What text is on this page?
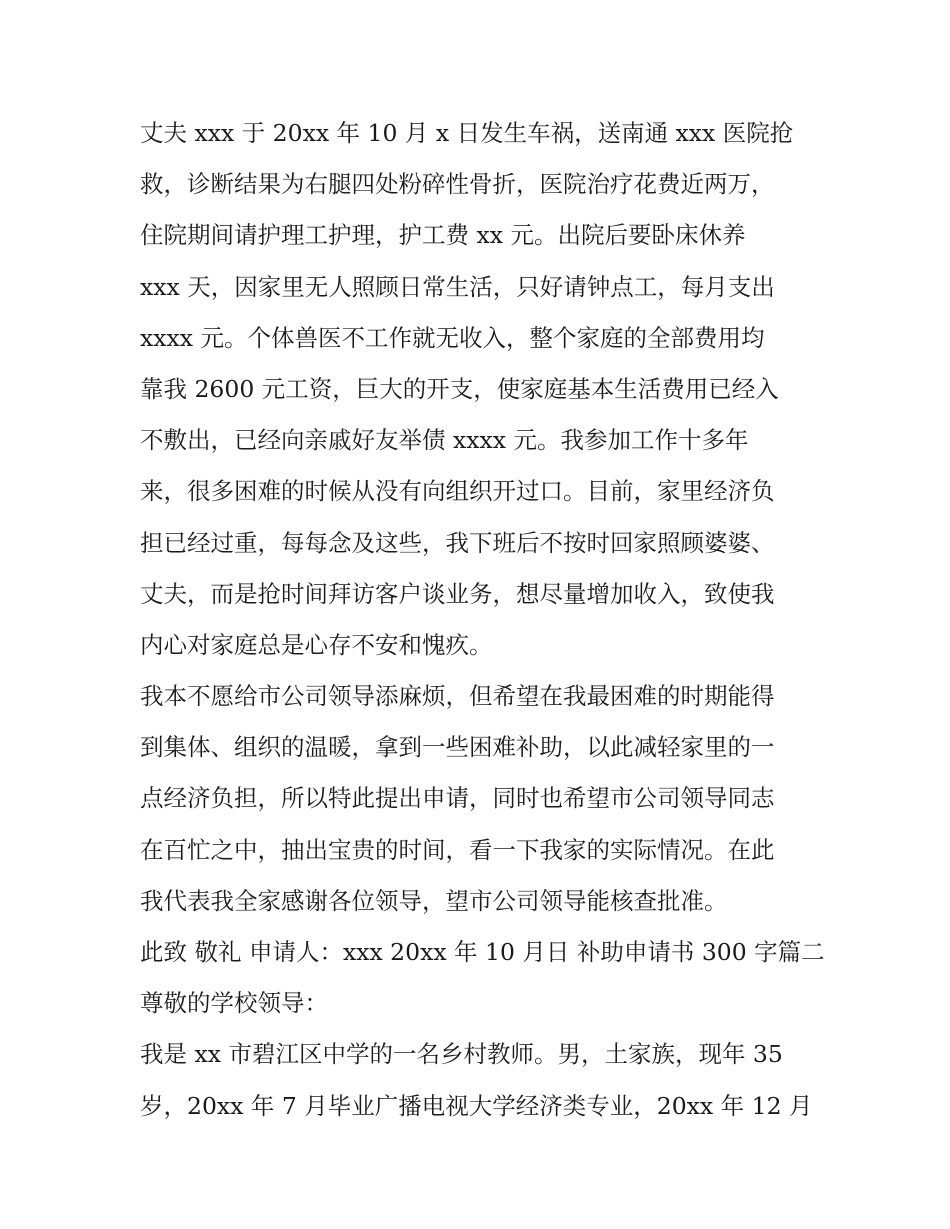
丈夫 xxx 于 20xx 年 10 月 x 日发生车祸，送南通 xxx 医院抢
救，诊断结果为右腿四处粉碎性骨折，医院治疗花费近两万，
住院期间请护理工护理，护工费 xx 元。出院后要卧床休养
xxx 天，因家里无人照顾日常生活，只好请钟点工，每月支出
xxxx 元。个体兽医不工作就无收入，整个家庭的全部费用均
靠我 2600 元工资，巨大的开支，使家庭基本生活费用已经入
不敷出，已经向亲戚好友举债 xxxx 元。我参加工作十多年
来，很多困难的时候从没有向组织开过口。目前，家里经济负
担已经过重，每每念及这些，我下班后不按时回家照顾婆婆、
丈夫，而是抢时间拜访客户谈业务，想尽量增加收入，致使我
内心对家庭总是心存不安和愧疚。
我本不愿给市公司领导添麻烦，但希望在我最困难的时期能得
到集体、组织的温暖，拿到一些困难补助，以此减轻家里的一
点经济负担，所以特此提出申请，同时也希望市公司领导同志
在百忙之中，抽出宝贵的时间，看一下我家的实际情况。在此
我代表我全家感谢各位领导，望市公司领导能核查批准。
此致 敬礼 申请人：xxx 20xx 年 10 月日 补助申请书 300 字篇二
尊敬的学校领导：
我是 xx 市碧江区中学的一名乡村教师。男，土家族，现年 35
岁，20xx 年 7 月毕业广播电视大学经济类专业，20xx 年 12 月
